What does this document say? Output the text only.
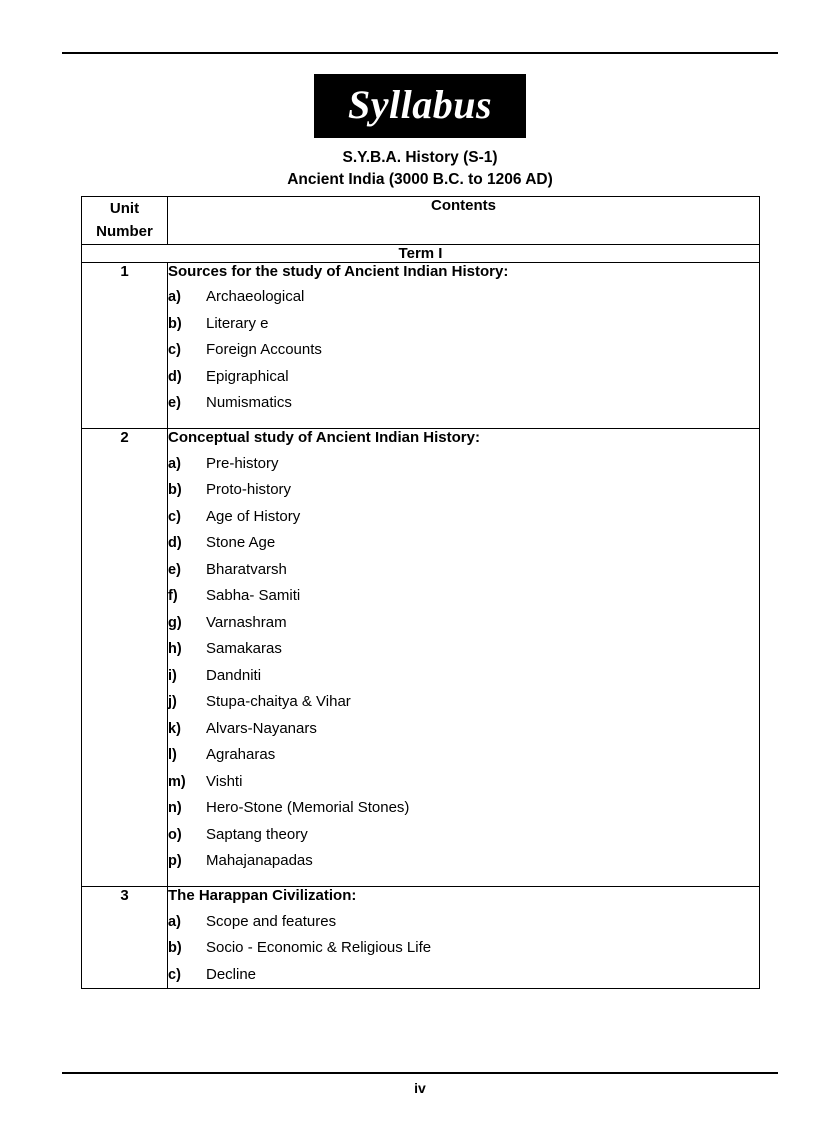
Syllabus
S.Y.B.A. History (S-1)
Ancient India (3000 B.C. to 1206 AD)
Unit
Number	Contents
Term I	
1	Sources for the study of Ancient Indian History:
a)	Archaeological
b)	Literary e
c)	Foreign Accounts
d)	Epigraphical
e)	Numismatics

2	Conceptual study of Ancient Indian History:
a)	Pre-history
b)	Proto-history
c)	Age of History
d)	Stone Age
e)	Bharatvarsh
f)	Sabha- Samiti
g)	Varnashram
h)	Samakaras
i)	Dandniti
j)	Stupa-chaitya & Vihar
k)	Alvars-Nayanars
l)	Agraharas
m)	Vishti
n)	Hero-Stone (Memorial Stones)
o)	Saptang theory
p)	Mahajanapadas

3	The Harappan Civilization:
a)	Scope and features
b)	Socio - Economic & Religious Life
c)	Decline
iv
